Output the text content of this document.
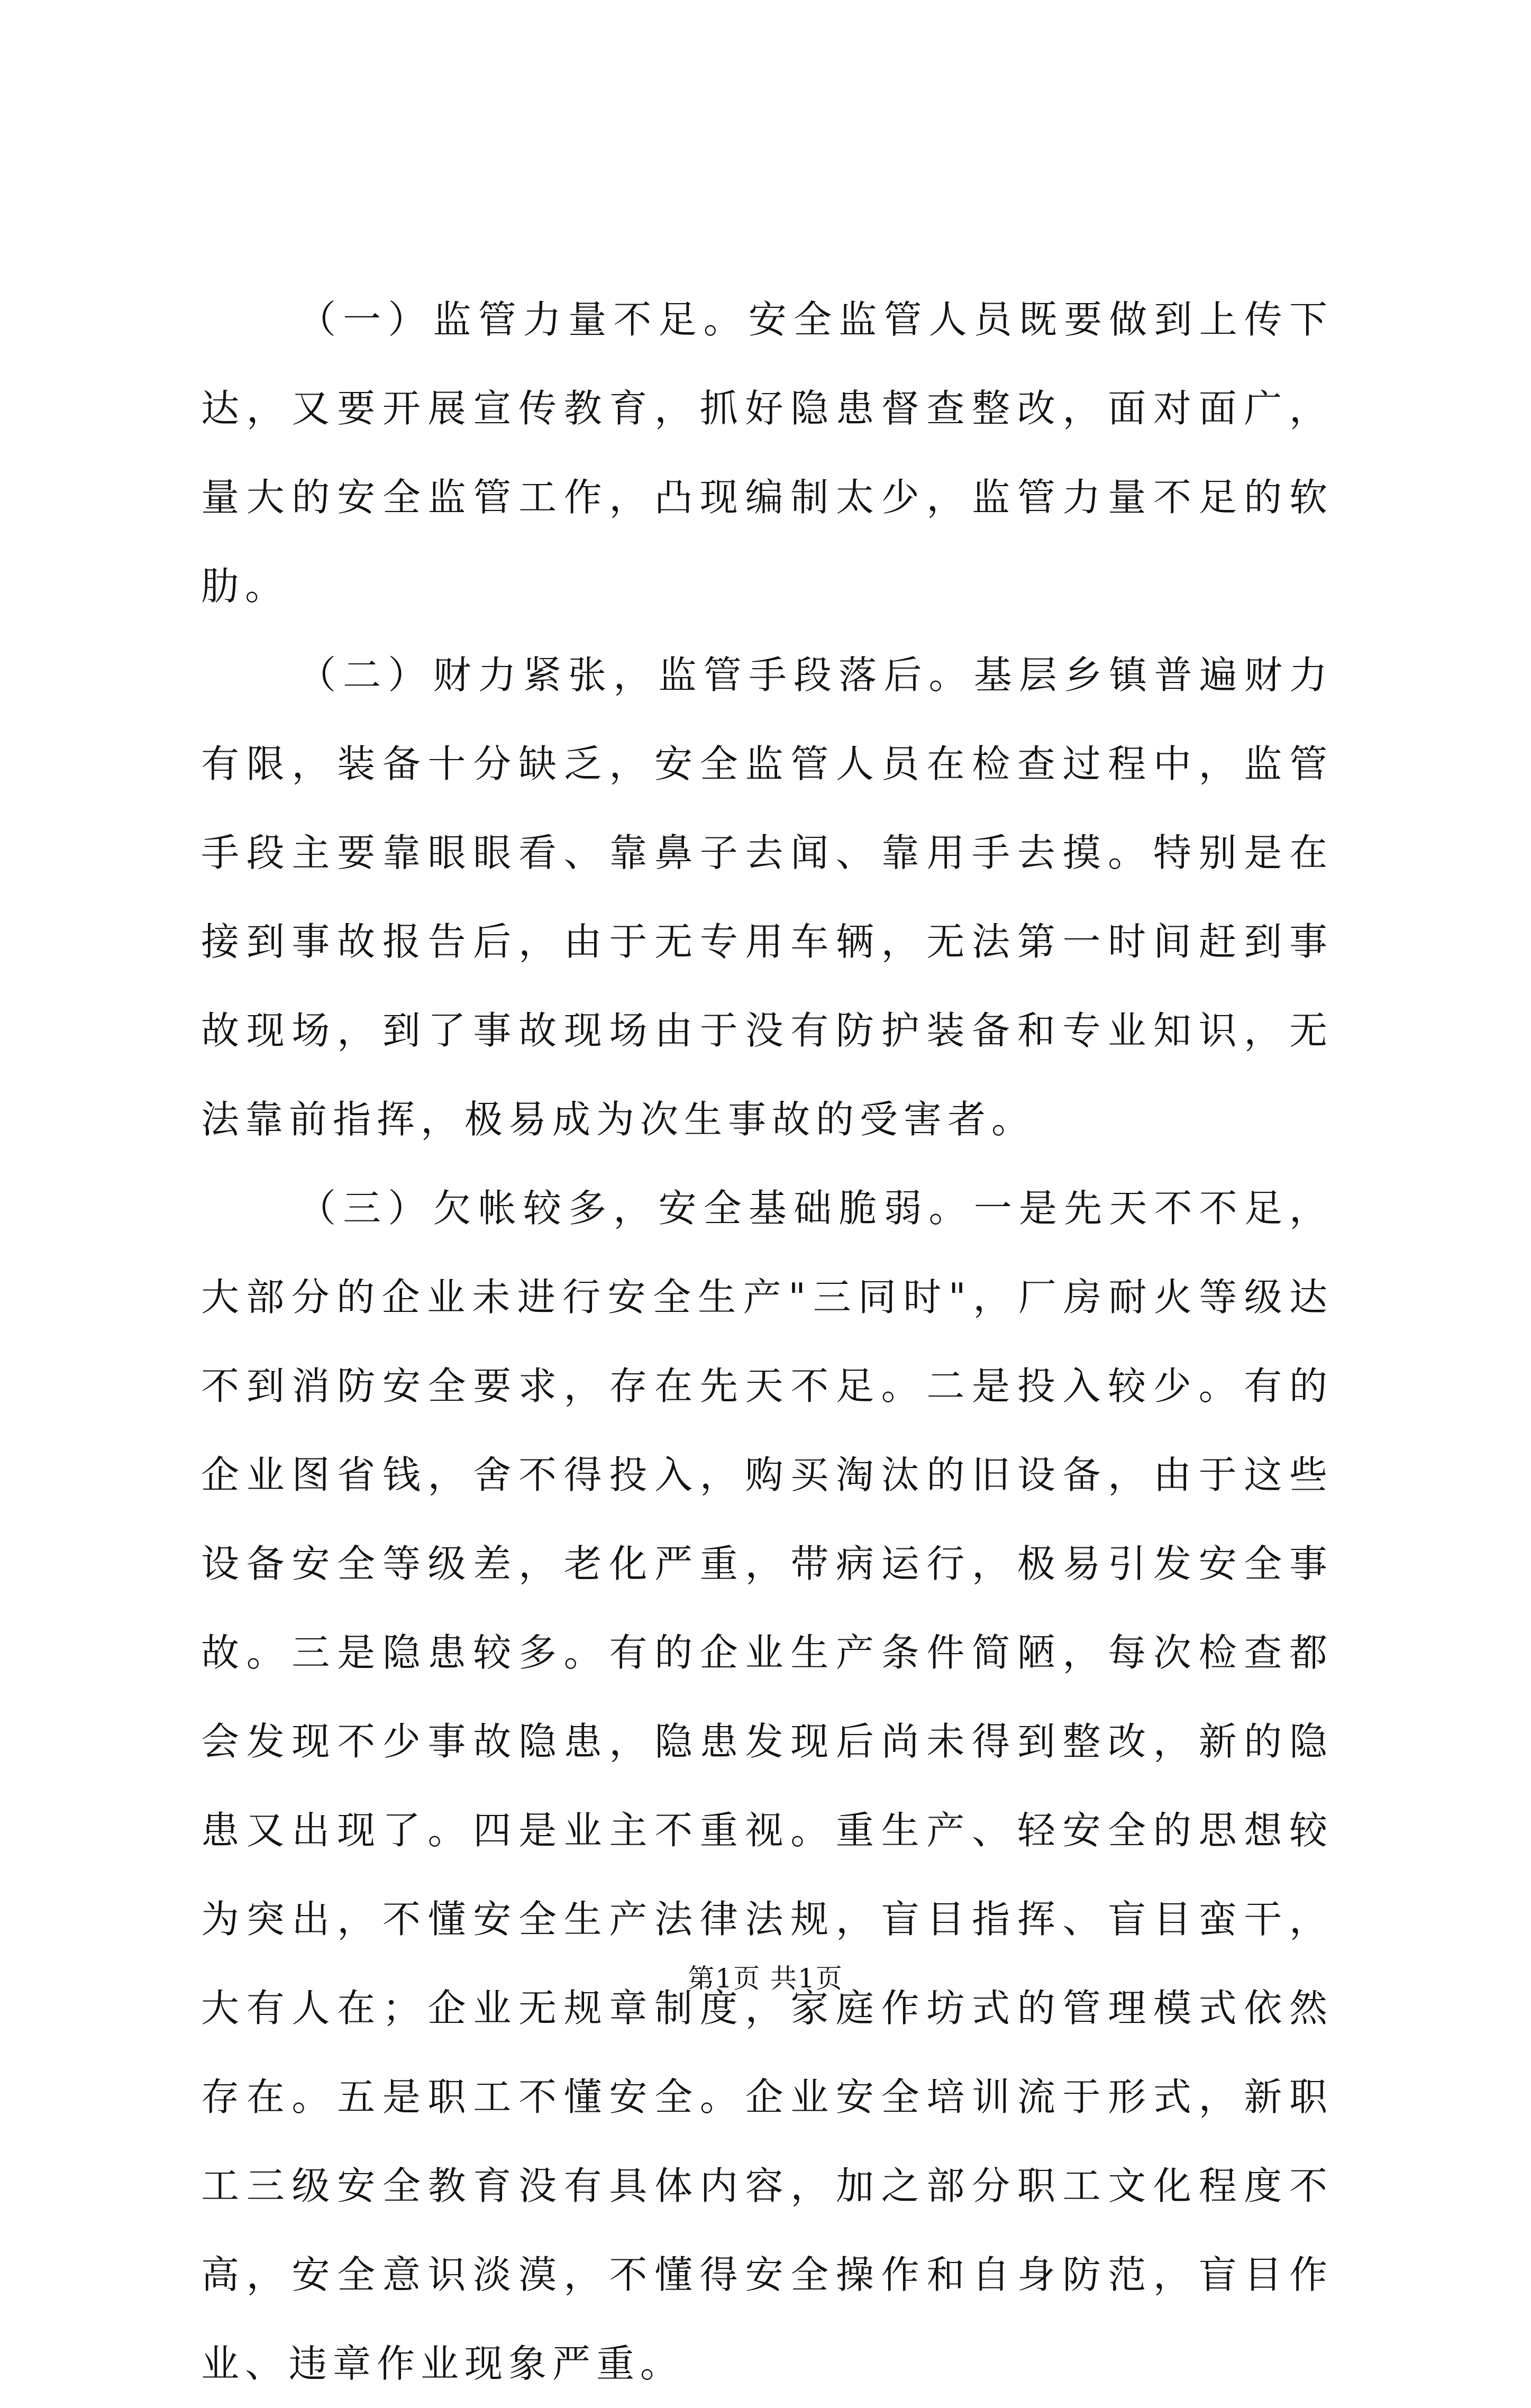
（一）监管力量不足。安全监管人员既要做到上传下达，又要开展宣传教育，抓好隐患督查整改，面对面广，量大的安全监管工作，凸现编制太少，监管力量不足的软肋。

（二）财力紧张，监管手段落后。基层乡镇普遍财力有限，装备十分缺乏，安全监管人员在检查过程中，监管手段主要靠眼眼看、靠鼻子去闻、靠用手去摸。特别是在接到事故报告后，由于无专用车辆，无法第一时间赶到事故现场，到了事故现场由于没有防护装备和专业知识，无法靠前指挥，极易成为次生事故的受害者。

（三）欠帐较多，安全基础脆弱。一是先天不不足，大部分的企业未进行安全生产"三同时"，厂房耐火等级达不到消防安全要求，存在先天不足。二是投入较少。有的企业图省钱，舍不得投入，购买淘汰的旧设备，由于这些设备安全等级差，老化严重，带病运行，极易引发安全事故。三是隐患较多。有的企业生产条件简陋，每次检查都会发现不少事故隐患，隐患发现后尚未得到整改，新的隐患又出现了。四是业主不重视。重生产、轻安全的思想较为突出，不懂安全生产法律法规，盲目指挥、盲目蛮干，大有人在；企业无规章制度，家庭作坊式的管理模式依然存在。五是职工不懂安全。企业安全培训流于形式，新职工三级安全教育没有具体内容，加之部分职工文化程度不高，安全意识淡漠，不懂得安全操作和自身防范，盲目作业、违章作业现象严重。

第1页 共1页
